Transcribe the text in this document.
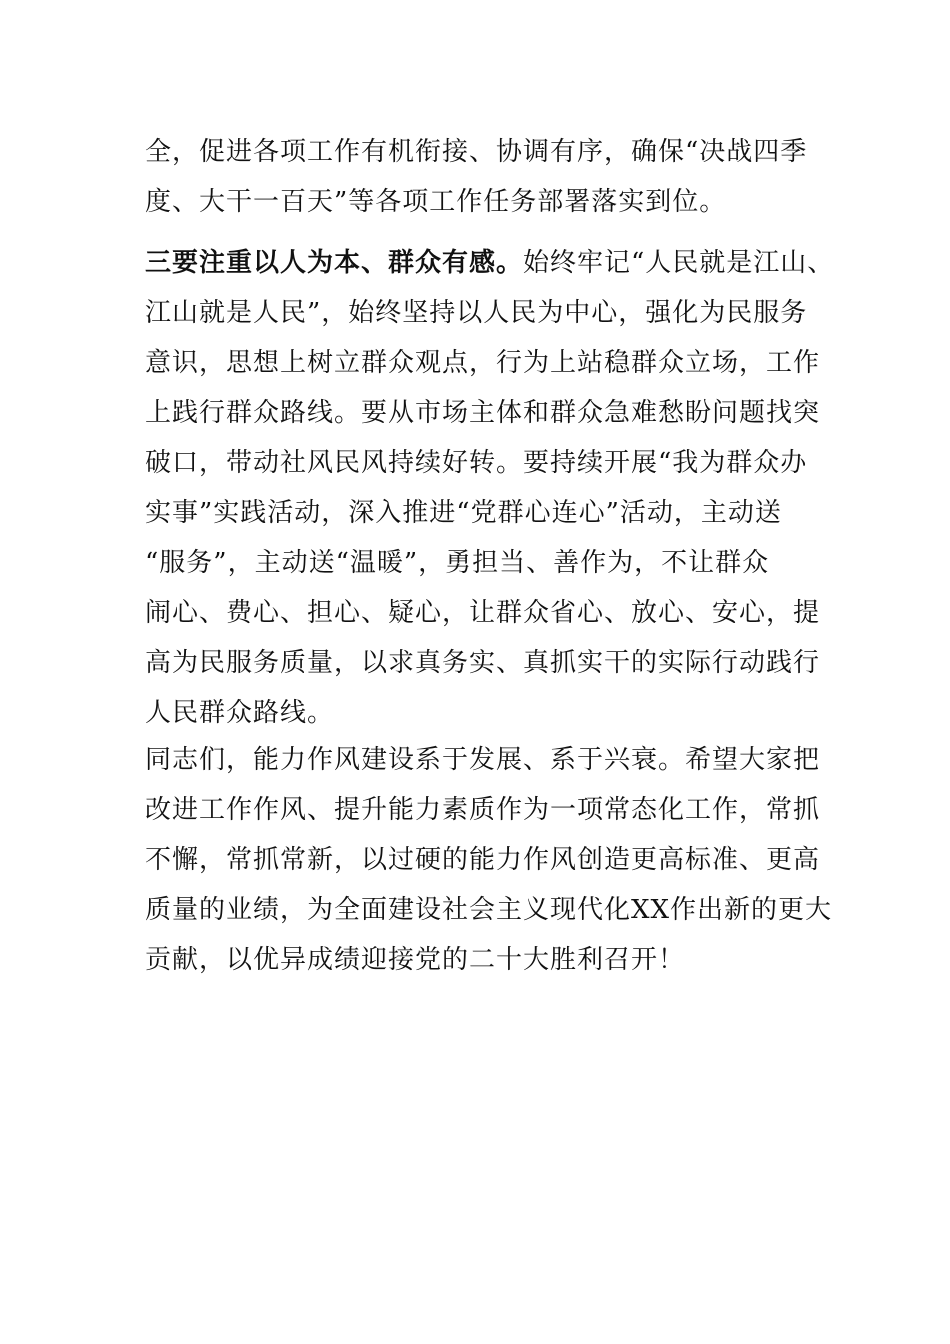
全，促进各项工作有机衔接、协调有序，确保“决战四季
度、大干一百天”等各项工作任务部署落实到位。
三要注重以人为本、群众有感。始终牢记“人民就是江山、
江山就是人民”，始终坚持以人民为中心，强化为民服务
意识，思想上树立群众观点，行为上站稳群众立场，工作
上践行群众路线。要从市场主体和群众急难愁盼问题找突
破口，带动社风民风持续好转。要持续开展“我为群众办
实事”实践活动，深入推进“党群心连心”活动，主动送
“服务”，主动送“温暖”，勇担当、善作为，不让群众
闹心、费心、担心、疑心，让群众省心、放心、安心，提
高为民服务质量，以求真务实、真抓实干的实际行动践行
人民群众路线。
同志们，能力作风建设系于发展、系于兴衰。希望大家把
改进工作作风、提升能力素质作为一项常态化工作，常抓
不懈，常抓常新，以过硬的能力作风创造更高标准、更高
质量的业绩，为全面建设社会主义现代化XX作出新的更大
贡献，以优异成绩迎接党的二十大胜利召开！
